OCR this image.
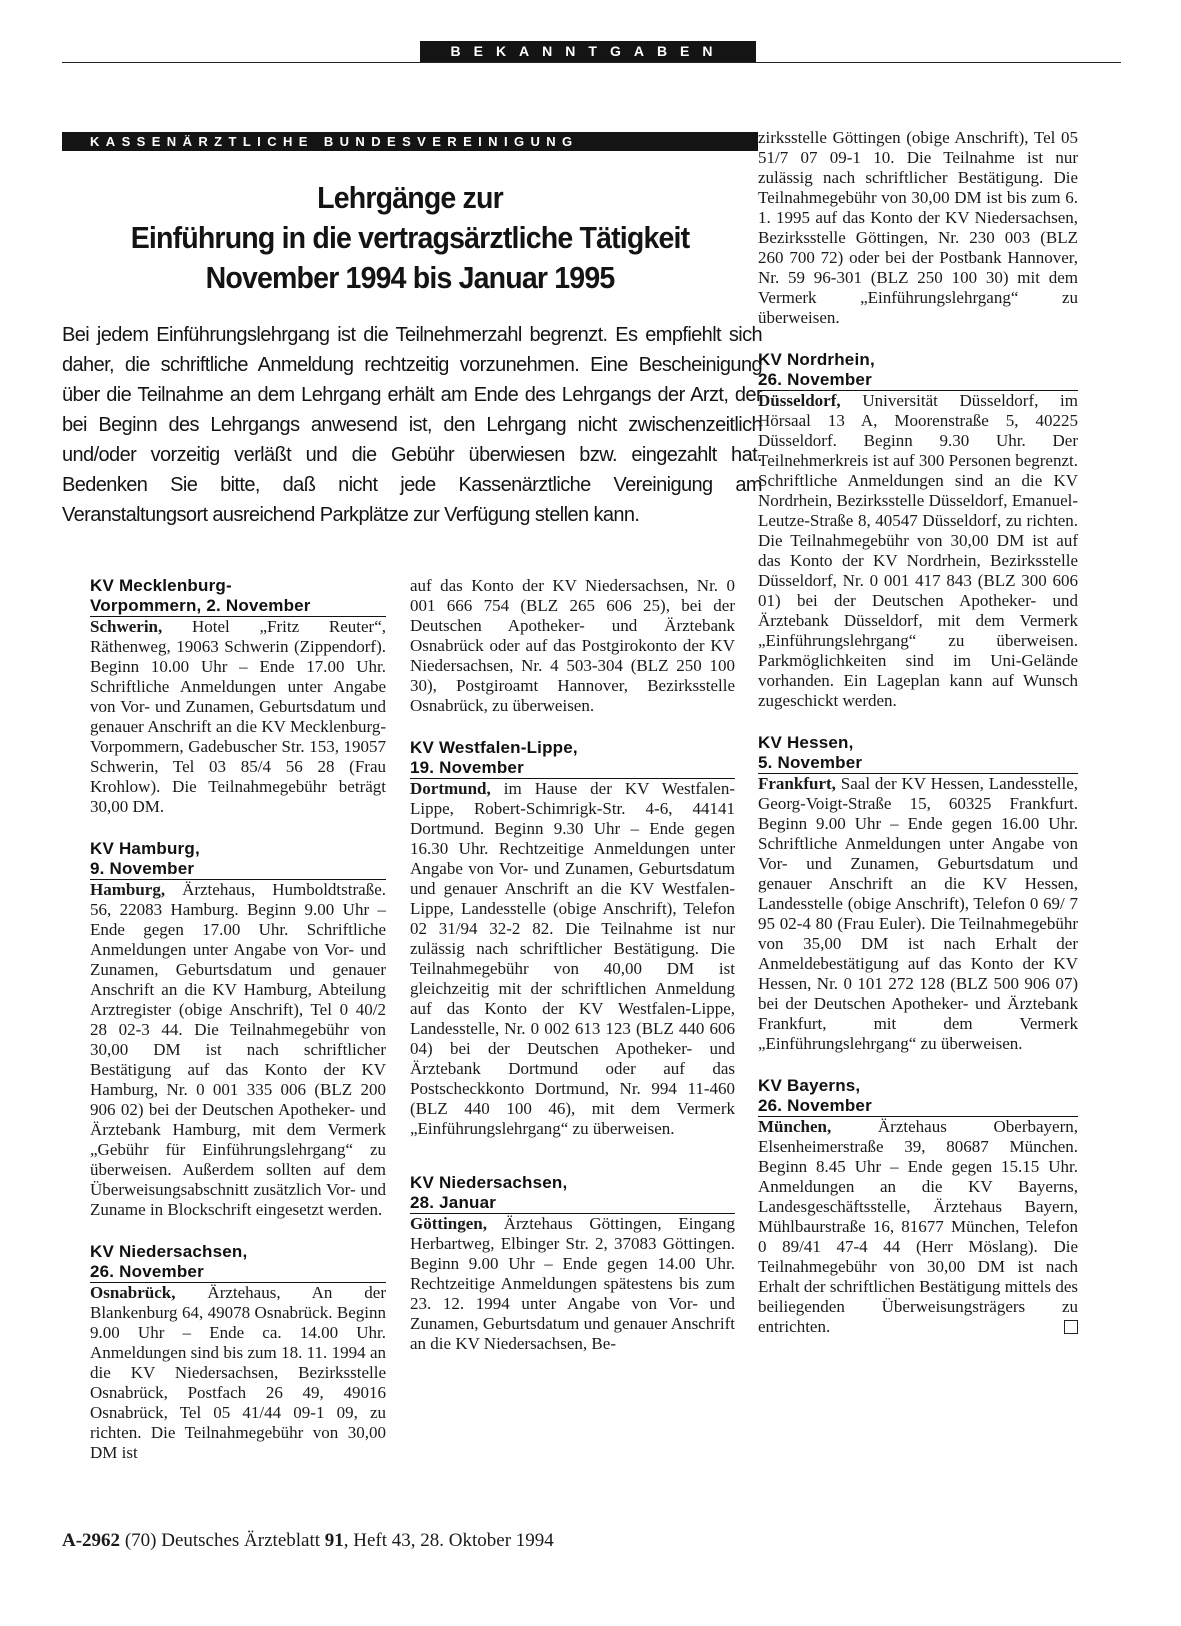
BEKANNTGABEN
KASSENÄRZTLICHE BUNDESVEREINIGUNG
Lehrgänge zur
Einführung in die vertragsärztliche Tätigkeit
November 1994 bis Januar 1995
Bei jedem Einführungslehrgang ist die Teilnehmerzahl begrenzt. Es empfiehlt sich daher, die schriftliche Anmeldung rechtzeitig vorzunehmen. Eine Bescheinigung über die Teilnahme an dem Lehrgang erhält am Ende des Lehrgangs der Arzt, der bei Beginn des Lehrgangs anwesend ist, den Lehrgang nicht zwischenzeitlich und/oder vorzeitig verläßt und die Gebühr überwiesen bzw. eingezahlt hat. Bedenken Sie bitte, daß nicht jede Kassenärztliche Vereinigung am Veranstaltungsort ausreichend Parkplätze zur Verfügung stellen kann.
KV Mecklenburg-
Vorpommern, 2. November

Schwerin, Hotel „Fritz Reuter“, Räthenweg, 19063 Schwerin (Zippendorf). Beginn 10.00 Uhr – Ende 17.00 Uhr. Schriftliche Anmeldungen unter Angabe von Vor- und Zunamen, Geburtsdatum und genauer Anschrift an die KV Mecklenburg-Vorpommern, Gadebuscher Str. 153, 19057 Schwerin, Tel 03 85/4 56 28 (Frau Krohlow). Die Teilnahmegebühr beträgt 30,00 DM.

KV Hamburg,
9. November

Hamburg, Ärztehaus, Humboldtstraße. 56, 22083 Hamburg. Beginn 9.00 Uhr – Ende gegen 17.00 Uhr. Schriftliche Anmeldungen unter Angabe von Vor- und Zunamen, Geburtsdatum und genauer Anschrift an die KV Hamburg, Abteilung Arztregister (obige Anschrift), Tel 0 40/2 28 02-3 44. Die Teilnahmegebühr von 30,00 DM ist nach schriftlicher Bestätigung auf das Konto der KV Hamburg, Nr. 0 001 335 006 (BLZ 200 906 02) bei der Deutschen Apotheker- und Ärztebank Hamburg, mit dem Vermerk „Gebühr für Einführungslehrgang“ zu überweisen. Außerdem sollten auf dem Überweisungsabschnitt zusätzlich Vor- und Zuname in Blockschrift eingesetzt werden.

KV Niedersachsen,
26. November

Osnabrück, Ärztehaus, An der Blankenburg 64, 49078 Osnabrück. Beginn 9.00 Uhr – Ende ca. 14.00 Uhr. Anmeldungen sind bis zum 18. 11. 1994 an die KV Niedersachsen, Bezirksstelle Osnabrück, Postfach 26 49, 49016 Osnabrück, Tel 05 41/44 09-1 09, zu richten. Die Teilnahmegebühr von 30,00 DM ist

auf das Konto der KV Niedersachsen, Nr. 0 001 666 754 (BLZ 265 606 25), bei der Deutschen Apotheker- und Ärztebank Osnabrück oder auf das Postgirokonto der KV Niedersachsen, Nr. 4 503-304 (BLZ 250 100 30), Postgiroamt Hannover, Bezirksstelle Osnabrück, zu überweisen.

KV Westfalen-Lippe,
19. November

Dortmund, im Hause der KV Westfalen-Lippe, Robert-Schimrigk-Str. 4-6, 44141 Dortmund. Beginn 9.30 Uhr – Ende gegen 16.30 Uhr. Rechtzeitige Anmeldungen unter Angabe von Vor- und Zunamen, Geburtsdatum und genauer Anschrift an die KV Westfalen-Lippe, Landesstelle (obige Anschrift), Telefon 02 31/94 32-2 82. Die Teilnahme ist nur zulässig nach schriftlicher Bestätigung. Die Teilnahmegebühr von 40,00 DM ist gleichzeitig mit der schriftlichen Anmeldung auf das Konto der KV Westfalen-Lippe, Landesstelle, Nr. 0 002 613 123 (BLZ 440 606 04) bei der Deutschen Apotheker- und Ärztebank Dortmund oder auf das Postscheckkonto Dortmund, Nr. 994 11-460 (BLZ 440 100 46), mit dem Vermerk „Einführungslehrgang“ zu überweisen.

KV Niedersachsen,
28. Januar

Göttingen, Ärztehaus Göttingen, Eingang Herbartweg, Elbinger Str. 2, 37083 Göttingen. Beginn 9.00 Uhr – Ende gegen 14.00 Uhr. Rechtzeitige Anmeldungen spätestens bis zum 23. 12. 1994 unter Angabe von Vor- und Zunamen, Geburtsdatum und genauer Anschrift an die KV Niedersachsen, Be-

zirksstelle Göttingen (obige Anschrift), Tel 05 51/7 07 09-1 10. Die Teilnahme ist nur zulässig nach schriftlicher Bestätigung. Die Teilnahmegebühr von 30,00 DM ist bis zum 6. 1. 1995 auf das Konto der KV Niedersachsen, Bezirksstelle Göttingen, Nr. 230 003 (BLZ 260 700 72) oder bei der Postbank Hannover, Nr. 59 96-301 (BLZ 250 100 30) mit dem Vermerk „Einführungslehrgang“ zu überweisen.

KV Nordrhein,
26. November

Düsseldorf, Universität Düsseldorf, im Hörsaal 13 A, Moorenstraße 5, 40225 Düsseldorf. Beginn 9.30 Uhr. Der Teilnehmerkreis ist auf 300 Personen begrenzt. Schriftliche Anmeldungen sind an die KV Nordrhein, Bezirksstelle Düsseldorf, Emanuel-Leutze-Straße 8, 40547 Düsseldorf, zu richten. Die Teilnahmegebühr von 30,00 DM ist auf das Konto der KV Nordrhein, Bezirksstelle Düsseldorf, Nr. 0 001 417 843 (BLZ 300 606 01) bei der Deutschen Apotheker- und Ärztebank Düsseldorf, mit dem Vermerk „Einführungslehrgang“ zu überweisen. Parkmöglichkeiten sind im Uni-Gelände vorhanden. Ein Lageplan kann auf Wunsch zugeschickt werden.

KV Hessen,
5. November

Frankfurt, Saal der KV Hessen, Landesstelle, Georg-Voigt-Straße 15, 60325 Frankfurt. Beginn 9.00 Uhr – Ende gegen 16.00 Uhr. Schriftliche Anmeldungen unter Angabe von Vor- und Zunamen, Geburtsdatum und genauer Anschrift an die KV Hessen, Landesstelle (obige Anschrift), Telefon 0 69/ 7 95 02-4 80 (Frau Euler). Die Teilnahmegebühr von 35,00 DM ist nach Erhalt der Anmeldebestätigung auf das Konto der KV Hessen, Nr. 0 101 272 128 (BLZ 500 906 07) bei der Deutschen Apotheker- und Ärztebank Frankfurt, mit dem Vermerk „Einführungslehrgang“ zu überweisen.

KV Bayerns,
26. November

München, Ärztehaus Oberbayern, Elsenheimerstraße 39, 80687 München. Beginn 8.45 Uhr – Ende gegen 15.15 Uhr. Anmeldungen an die KV Bayerns, Landesgeschäftsstelle, Ärztehaus Bayern, Mühlbaurstraße 16, 81677 München, Telefon 0 89/41 47-4 44 (Herr Möslang). Die Teilnahmegebühr von 30,00 DM ist nach Erhalt der schriftlichen Bestätigung mittels des beiliegenden Überweisungsträgers zu entrichten.

A-2962 (70) Deutsches Ärzteblatt 91, Heft 43, 28. Oktober 1994
